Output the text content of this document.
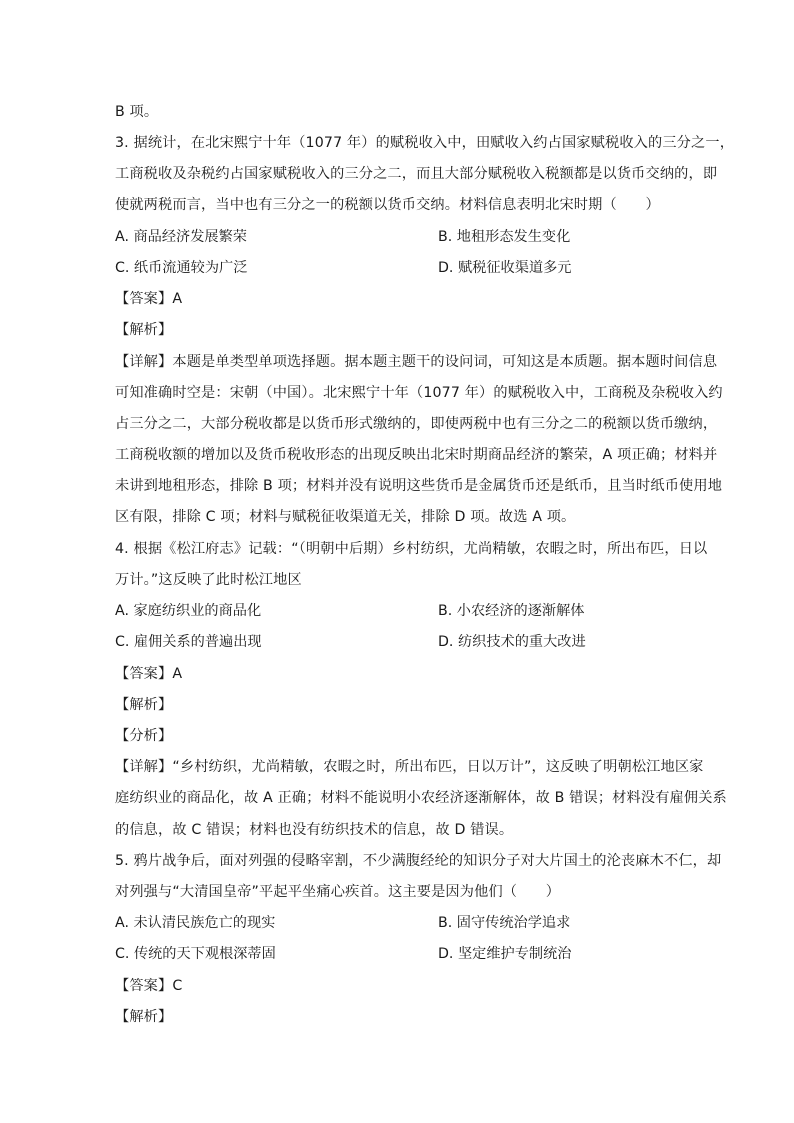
B 项。
3. 据统计，在北宋熙宁十年（1077 年）的赋税收入中，田赋收入约占国家赋税收入的三分之一，
工商税收及杂税约占国家赋税收入的三分之二，而且大部分赋税收入税额都是以货币交纳的，即
使就两税而言，当中也有三分之一的税额以货币交纳。材料信息表明北宋时期（　　）
A. 商品经济发展繁荣	B. 地租形态发生变化
C. 纸币流通较为广泛	D. 赋税征收渠道多元
【答案】A
【解析】
【详解】本题是单类型单项选择题。据本题主题干的设问词，可知这是本质题。据本题时间信息
可知准确时空是：宋朝（中国）。北宋熙宁十年（1077 年）的赋税收入中，工商税及杂税收入约
占三分之二，大部分税收都是以货币形式缴纳的，即使两税中也有三分之二的税额以货币缴纳，
工商税收额的增加以及货币税收形态的出现反映出北宋时期商品经济的繁荣，A 项正确；材料并
未讲到地租形态，排除 B 项；材料并没有说明这些货币是金属货币还是纸币，且当时纸币使用地
区有限，排除 C 项；材料与赋税征收渠道无关，排除 D 项。故选 A 项。
4. 根据《松江府志》记载：“（明朝中后期）乡村纺织，尤尚精敏，农暇之时，所出布匹，日以
万计。”这反映了此时松江地区
A. 家庭纺织业的商品化	B. 小农经济的逐渐解体
C. 雇佣关系的普遍出现	D. 纺织技术的重大改进
【答案】A
【解析】
【分析】
【详解】“乡村纺织，尤尚精敏，农暇之时，所出布匹，日以万计”，这反映了明朝松江地区家
庭纺织业的商品化，故 A 正确；材料不能说明小农经济逐渐解体，故 B 错误；材料没有雇佣关系
的信息，故 C 错误；材料也没有纺织技术的信息，故 D 错误。
5. 鸦片战争后，面对列强的侵略宰割，不少满腹经纶的知识分子对大片国土的沦丧麻木不仁，却
对列强与“大清国皇帝”平起平坐痛心疾首。这主要是因为他们（　　）
A. 未认清民族危亡的现实	B. 固守传统治学追求
C. 传统的天下观根深蒂固	D. 坚定维护专制统治
【答案】C
【解析】
